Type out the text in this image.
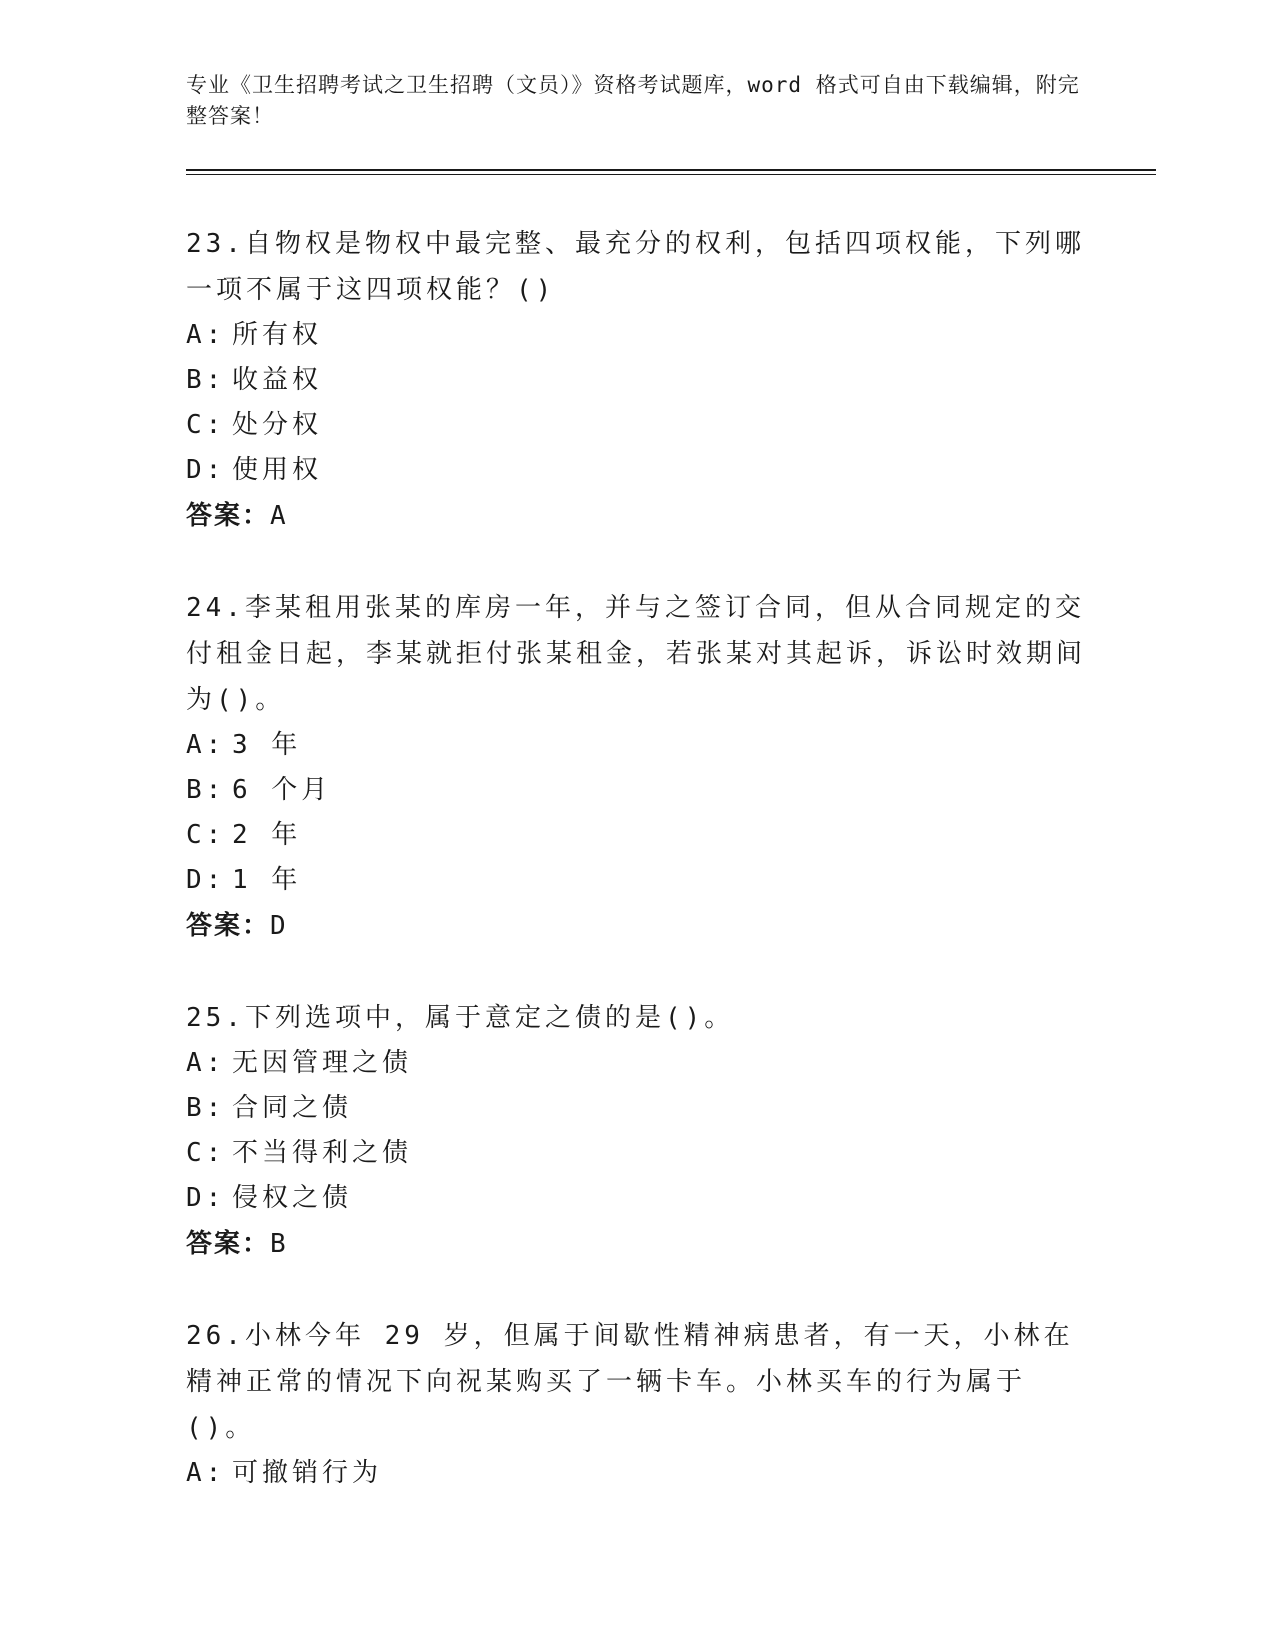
专业《卫生招聘考试之卫生招聘（文员）》资格考试题库，word 格式可自由下载编辑，附完整答案！

23.自物权是物权中最完整、最充分的权利，包括四项权能，下列哪一项不属于这四项权能？()

A: 所有权

B: 收益权

C: 处分权

D: 使用权

答案：A

24.李某租用张某的库房一年，并与之签订合同，但从合同规定的交付租金日起，李某就拒付张某租金，若张某对其起诉，诉讼时效期间为()。

A: 3 年

B: 6 个月

C: 2 年

D: 1 年

答案：D

25.下列选项中，属于意定之债的是()。

A: 无因管理之债

B: 合同之债

C: 不当得利之债

D: 侵权之债

答案：B

26.小林今年 29 岁，但属于间歇性精神病患者，有一天，小林在精神正常的情况下向祝某购买了一辆卡车。小林买车的行为属于()。

A: 可撤销行为
